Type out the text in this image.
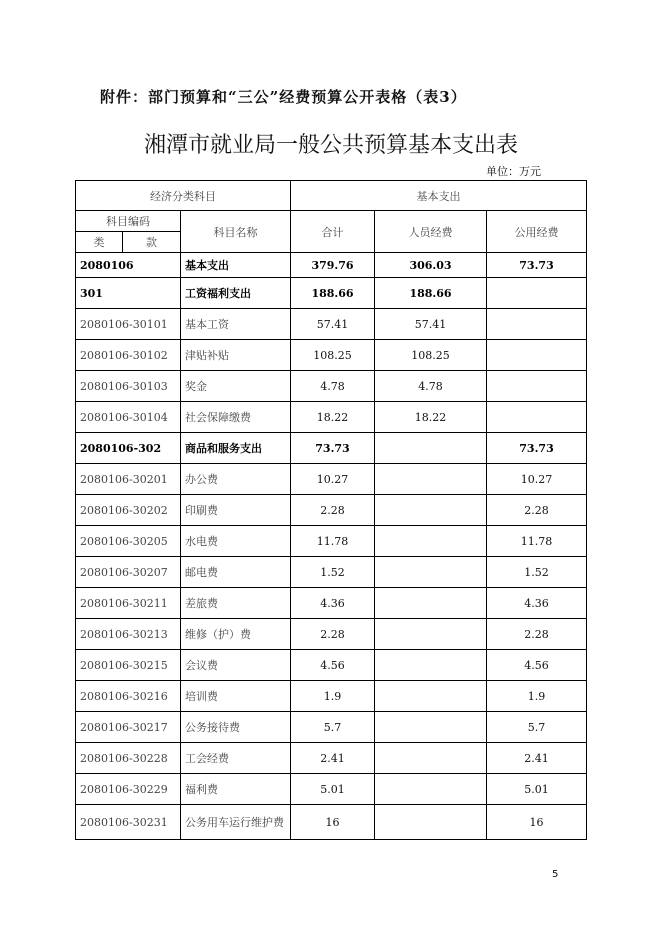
附件：部门预算和“三公”经费预算公开表格（表3）
湘潭市就业局一般公共预算基本支出表
单位：万元
经济分类科目			基本支出		
科目编码		科目名称	合计	人员经费	公用经费
类	款				
2080106		基本支出	379.76	306.03	73.73
301		工资福利支出	188.66	188.66	
2080106-30101		基本工资	57.41	57.41	
2080106-30102		津贴补贴	108.25	108.25	
2080106-30103		奖金	4.78	4.78	
2080106-30104		社会保障缴费	18.22	18.22	
2080106-302		商品和服务支出	73.73		73.73
2080106-30201		办公费	10.27		10.27
2080106-30202		印刷费	2.28		2.28
2080106-30205		水电费	11.78		11.78
2080106-30207		邮电费	1.52		1.52
2080106-30211		差旅费	4.36		4.36
2080106-30213		维修（护）费	2.28		2.28
2080106-30215		会议费	4.56		4.56
2080106-30216		培训费	1.9		1.9
2080106-30217		公务接待费	5.7		5.7
2080106-30228		工会经费	2.41		2.41
2080106-30229		福利费	5.01		5.01
2080106-30231		公务用车运行维护费	16		16
5
